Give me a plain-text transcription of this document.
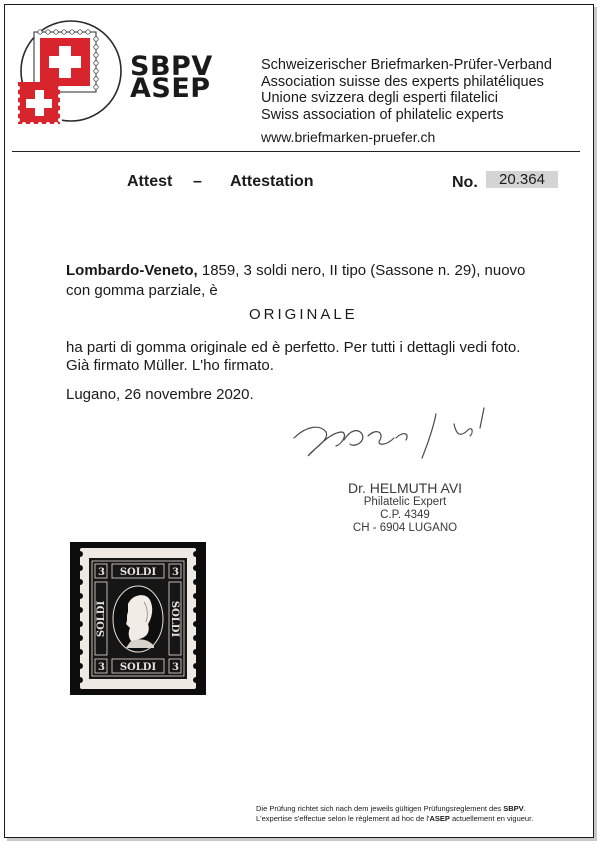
SBPV
ASEP
Schweizerischer Briefmarken-Prüfer-Verband
Association suisse des experts philatéliques
Unione svizzera degli esperti filatelici
Swiss association of philatelic experts
www.briefmarken-pruefer.ch
Attest – Attestation	No.	20.364
Lombardo-Veneto, 1859, 3 soldi nero, II tipo (Sassone n. 29), nuovo
con gomma parziale, è
ORIGINALE
ha parti di gomma originale ed è perfetto. Per tutti i dettagli vedi foto.
Già firmato Müller. L'ho firmato.
Lugano, 26 novembre 2020.
Dr. HELMUTH AVI
Philatelic Expert
C.P. 4349
CH - 6904 LUGANO
3	3
3	3
SOLDI
SOLDI
SOLDI	SOLDI
Die Prüfung richtet sich nach dem jeweils gültigen Prüfungsreglement des SBPV.
L'expertise s'effectue selon le règlement ad hoc de l'ASEP actuellement en vigueur.
